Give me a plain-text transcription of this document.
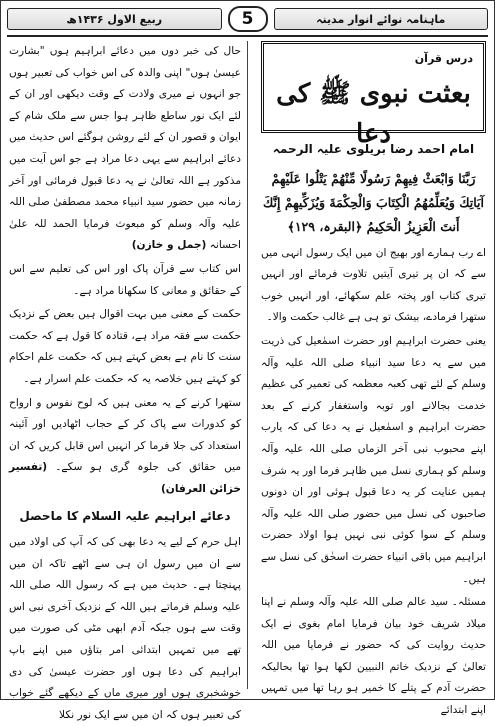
ربیع الاول ۱۴۳۶ھ	5	ماہنامہ نوائے انوار مدینہ
درس قرآن
بعثت نبوی ﷺ کی دعا
امام احمد رضا بریلوی علیہ الرحمہ
رَبَّنَا وَابْعَثْ فِيهِمْ رَسُولًا مِّنْهُمْ يَتْلُوا عَلَيْهِمْ آيَاتِكَ وَيُعَلِّمُهُمُ الْكِتَابَ وَالْحِكْمَةَ وَيُزَكِّيهِمْ إِنَّكَ أَنتَ الْعَزِيزُ الْحَكِيمُ ﴿البقرہ، ۱۲۹﴾

اے رب ہمارے اور بھیج ان میں ایک رسول انہی میں سے کہ ان پر تیری آیتیں تلاوت فرمائے اور انہیں تیری کتاب اور پختہ علم سکھائے، اور انہیں خوب ستھرا فرمادے، بیشک تو ہی ہے غالب حکمت والا۔

یعنی حضرت ابراہیم اور حضرت اسمٰعیل کی ذریت میں سے یہ دعا سید انبیاء صلی اللہ علیہ وآلہ وسلم کے لئے تھی کعبہ معظمہ کی تعمیر کی عظیم خدمت بجالانے اور توبہ واستغفار کرنے کے بعد حضرت ابراہیم و اسمٰعیل نے یہ دعا کی کہ یارب اپنے محبوب نبی آخر الزماں صلی اللہ علیہ وآلہ وسلم کو ہماری نسل میں ظاہر فرما اور یہ شرف ہمیں عنایت کر یہ دعا قبول ہوئی اور ان دونوں صاحبوں کی نسل میں حضور صلی اللہ علیہ وآلہ وسلم کے سوا کوئی نبی نہیں ہوا اولاد حضرت ابراہیم میں باقی انبیاء حضرت اسحٰق کی نسل سے ہیں۔

مسئلہ۔ سید عالم صلی اللہ علیہ وآلہ وسلم نے اپنا میلاد شریف خود بیان فرمایا امام بغوی نے ایک حدیث روایت کی کہ حضور نے فرمایا میں اللہ تعالیٰ کے نزدیک خاتم النبیین لکھا ہوا تھا بحالیکہ حضرت آدم کے پتلے کا خمیر ہو رہا تھا میں تمہیں اپنے ابتدائے

حال کی خبر دوں میں دعائے ابراہیم ہوں "بشارت عیسیٰ ہوں" اپنی والدہ کی اس خواب کی تعبیر ہوں جو انہوں نے میری ولادت کے وقت دیکھی اور ان کے لئے ایک نور ساطع ظاہر ہوا جس سے ملک شام کے ایوان و قصور ان کے لئے روشن ہوگئے اس حدیث میں دعائے ابراہیم سے یہی دعا مراد ہے جو اس آیت میں مذکور ہے اللہ تعالیٰ نے یہ دعا قبول فرمائی اور آخر زمانہ میں حضور سید انبیاء محمد مصطفیٰ صلی اللہ علیہ وآلہ وسلم کو مبعوث فرمایا الحمد للہ علیٰ احسانہ (جمل و خازن)

اس کتاب سے قرآن پاک اور اس کی تعلیم سے اس کے حقائق و معانی کا سکھانا مراد ہے۔

حکمت کے معنی میں بہت اقوال ہیں بعض کے نزدیک حکمت سے فقہ مراد ہے، قتادہ کا قول ہے کہ حکمت سنت کا نام ہے بعض کہتے ہیں کہ حکمت علم احکام کو کہتے ہیں خلاصہ یہ کہ حکمت علم اسرار ہے۔

ستھرا کرنے کے یہ معنی ہیں کہ لوح نفوس و ارواح کو کدورات سے پاک کر کے حجاب اٹھادیں اور آئینہ استعداد کی جلا فرما کر انہیں اس قابل کریں کہ ان میں حقائق کی جلوہ گری ہو سکے۔ (تفسیر خزائن العرفان)

دعائے ابراہیم علیہ السلام کا ماحصل

اہل حرم کے لیے یہ دعا بھی کی کہ آپ کی اولاد میں سے ان میں رسول ان ہی سے اٹھے تاکہ ان میں پہنچتا ہے۔ حدیث میں ہے کہ رسول اللہ صلی اللہ علیہ وسلم فرماتے ہیں اللہ کے نزدیک آخری نبی اس وقت سے ہوں جبکہ آدم ابھی مٹی کی صورت میں تھے میں تمہیں ابتدائی امر بتاؤں میں اپنے باپ ابراہیم کی دعا ہوں اور حضرت عیسیٰ کی دی خوشخبری ہوں اور میری ماں کے دیکھے گئے خواب کی تعبیر ہوں کہ ان میں سے ایک نور نکلا
